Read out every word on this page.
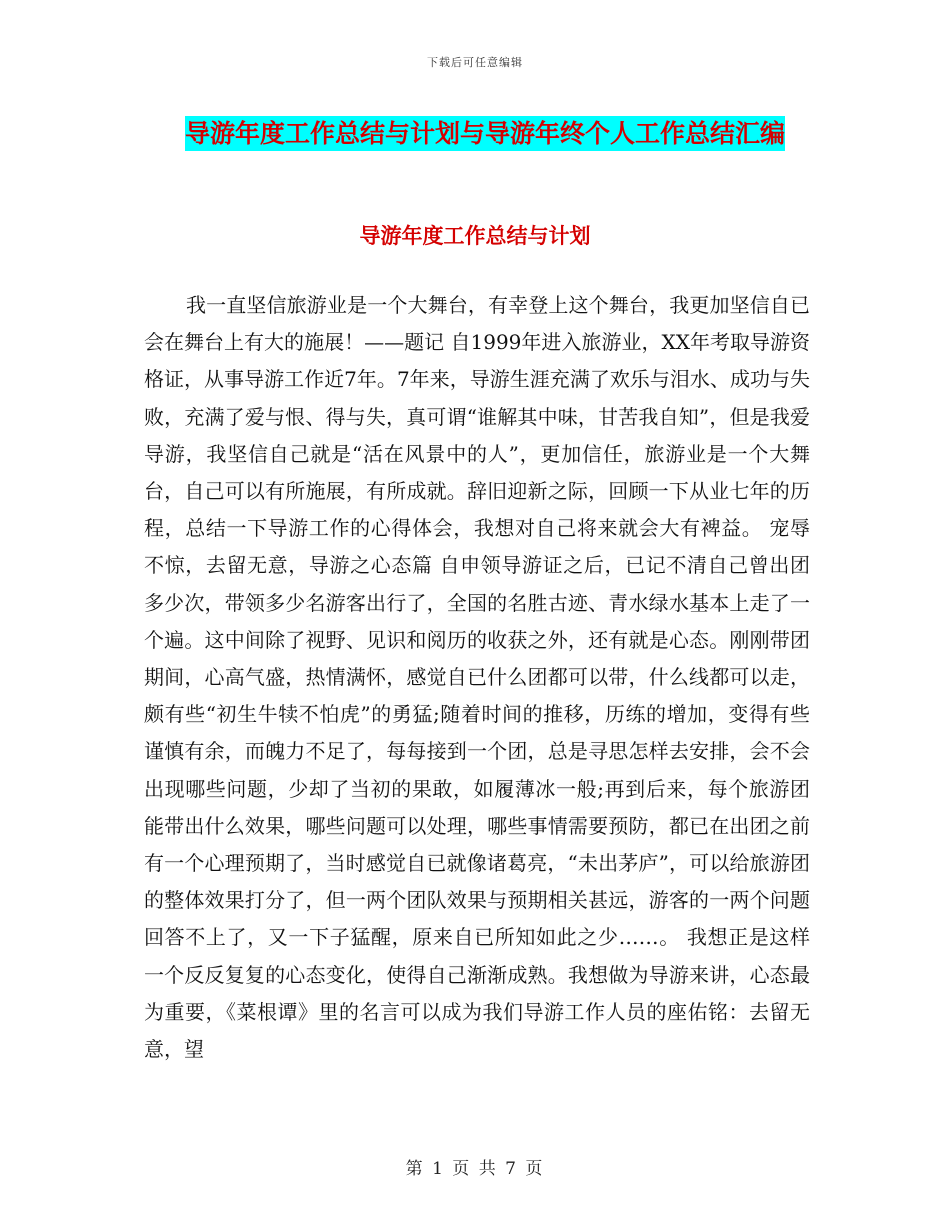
下载后可任意编辑
导游年度工作总结与计划与导游年终个人工作总结汇编
导游年度工作总结与计划

我一直坚信旅游业是一个大舞台，有幸登上这个舞台，我更加坚信自已会在舞台上有大的施展！——题记 自1999年进入旅游业，XX年考取导游资格证，从事导游工作近7年。7年来，导游生涯充满了欢乐与泪水、成功与失败，充满了爱与恨、得与失，真可谓“谁解其中味，甘苦我自知”，但是我爱导游，我坚信自己就是“活在风景中的人”，更加信任，旅游业是一个大舞台，自己可以有所施展，有所成就。辞旧迎新之际，回顾一下从业七年的历程，总结一下导游工作的心得体会，我想对自己将来就会大有裨益。 宠辱不惊，去留无意，导游之心态篇 自申领导游证之后，已记不清自己曾出团多少次，带领多少名游客出行了，全国的名胜古迹、青水绿水基本上走了一个遍。这中间除了视野、见识和阅历的收获之外，还有就是心态。刚刚带团期间，心高气盛，热情满怀，感觉自已什么团都可以带，什么线都可以走，颇有些“初生牛犊不怕虎”的勇猛;随着时间的推移，历练的增加，变得有些谨慎有余，而魄力不足了，每每接到一个团，总是寻思怎样去安排，会不会出现哪些问题，少却了当初的果敢，如履薄冰一般;再到后来，每个旅游团能带出什么效果，哪些问题可以处理，哪些事情需要预防，都已在出团之前有一个心理预期了，当时感觉自已就像诸葛亮，“未出茅庐”，可以给旅游团的整体效果打分了，但一两个团队效果与预期相关甚远，游客的一两个问题回答不上了，又一下子猛醒，原来自已所知如此之少……。 我想正是这样一个反反复复的心态变化，使得自己渐渐成熟。我想做为导游来讲，心态最为重要，《菜根谭》里的名言可以成为我们导游工作人员的座佑铭：去留无意，望

第 1 页 共 7 页
